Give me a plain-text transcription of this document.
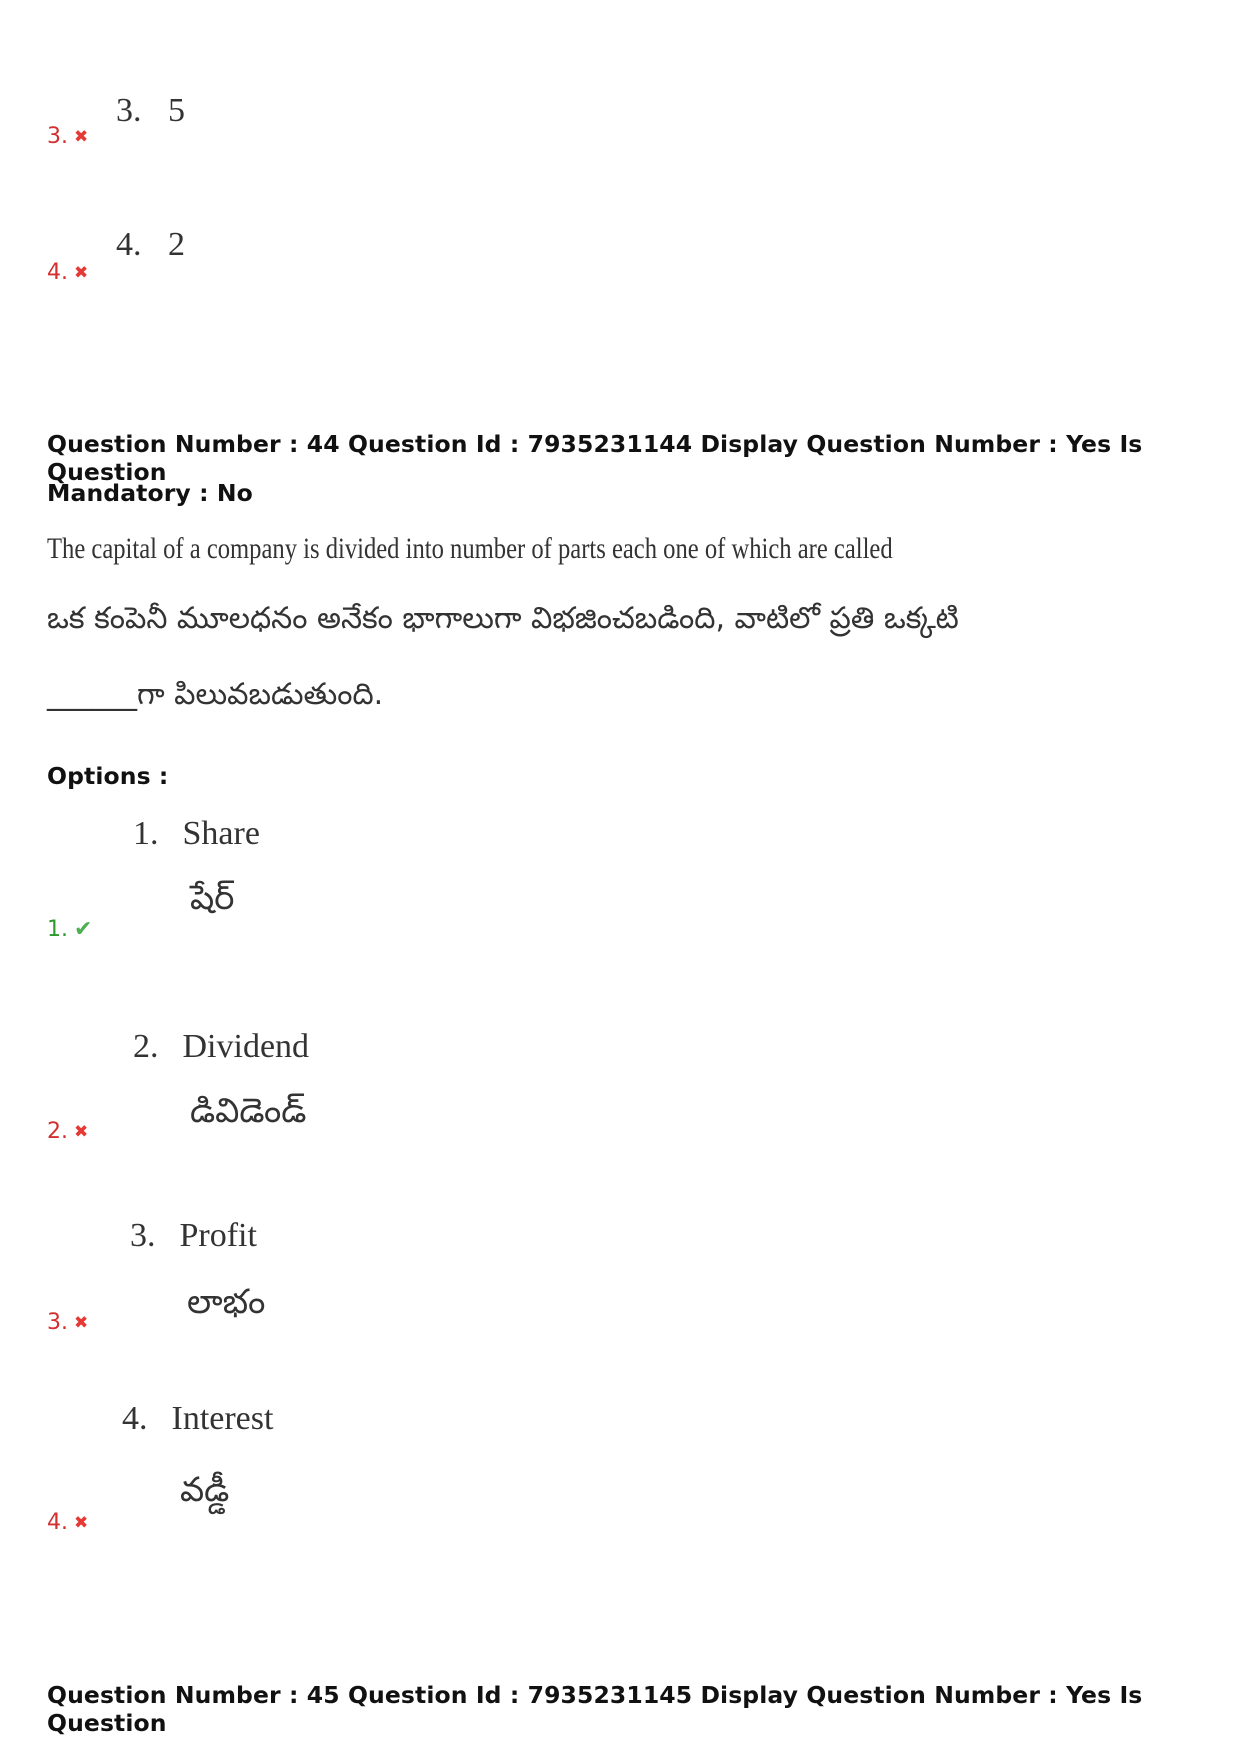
3. ✖
3. 5
4. ✖
4. 2
Question Number : 44 Question Id : 7935231144 Display Question Number : Yes Is Question
Mandatory : No
The capital of a company is divided into number of parts each one of which are called
ఒక కంపెనీ మూలధనం అనేకం భాగాలుగా విభజించబడింది, వాటిలో ప్రతి ఒక్కటి
______గా పిలువబడుతుంది.
Options :
1. ✔
1. Share
షేర్
2. ✖
2. Dividend
డివిడెండ్
3. ✖
3. Profit
లాభం
4. ✖
4. Interest
వడ్డీ
Question Number : 45 Question Id : 7935231145 Display Question Number : Yes Is Question
